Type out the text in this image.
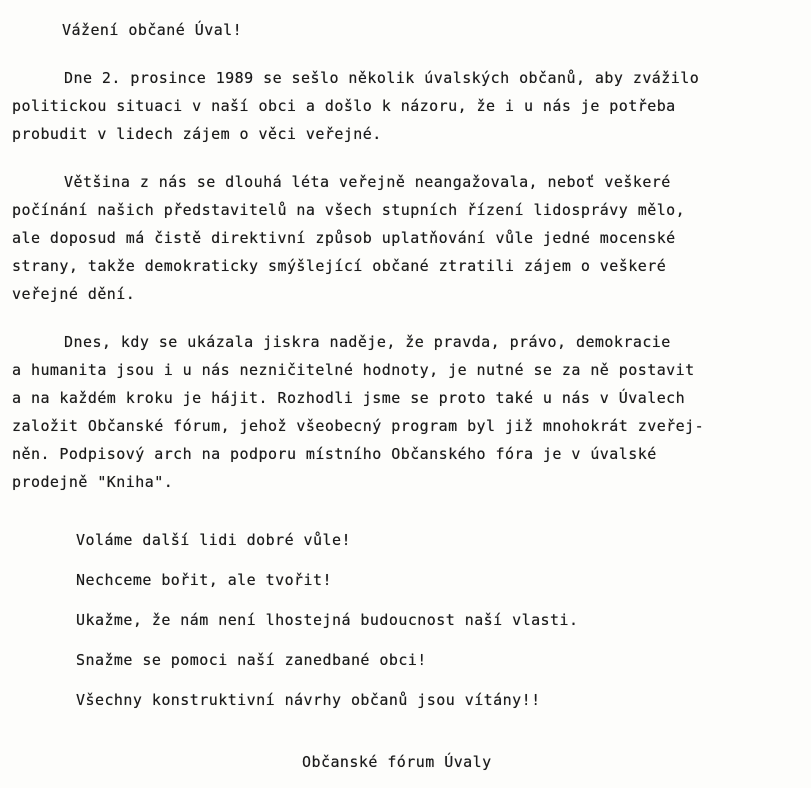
Vážení občané Úval!
Dne 2. prosince 1989 se sešlo několik úvalských občanů, aby zvážilo
politickou situaci v naší obci a došlo k názoru, že i u nás je potřeba
probudit v lidech zájem o věci veřejné.
Většina z nás se dlouhá léta veřejně neangažovala, neboť veškeré
počínání našich představitelů na všech stupních řízení lidosprávy mělo,
ale doposud má čistě direktivní způsob uplatňování vůle jedné mocenské
strany, takže demokraticky smýšlející občané ztratili zájem o veškeré
veřejné dění.
Dnes, kdy se ukázala jiskra naděje, že pravda, právo, demokracie
a humanita jsou i u nás nezničitelné hodnoty, je nutné se za ně postavit
a na každém kroku je hájit. Rozhodli jsme se proto také u nás v Úvalech
založit Občanské fórum, jehož všeobecný program byl již mnohokrát zveřej-
něn. Podpisový arch na podporu místního Občanského fóra je v úvalské
prodejně "Kniha".
Voláme další lidi dobré vůle!
Nechceme bořit, ale tvořit!
Ukažme, že nám není lhostejná budoucnost naší vlasti.
Snažme se pomoci naší zanedbané obci!
Všechny konstruktivní návrhy občanů jsou vítány!!
Občanské fórum Úvaly
